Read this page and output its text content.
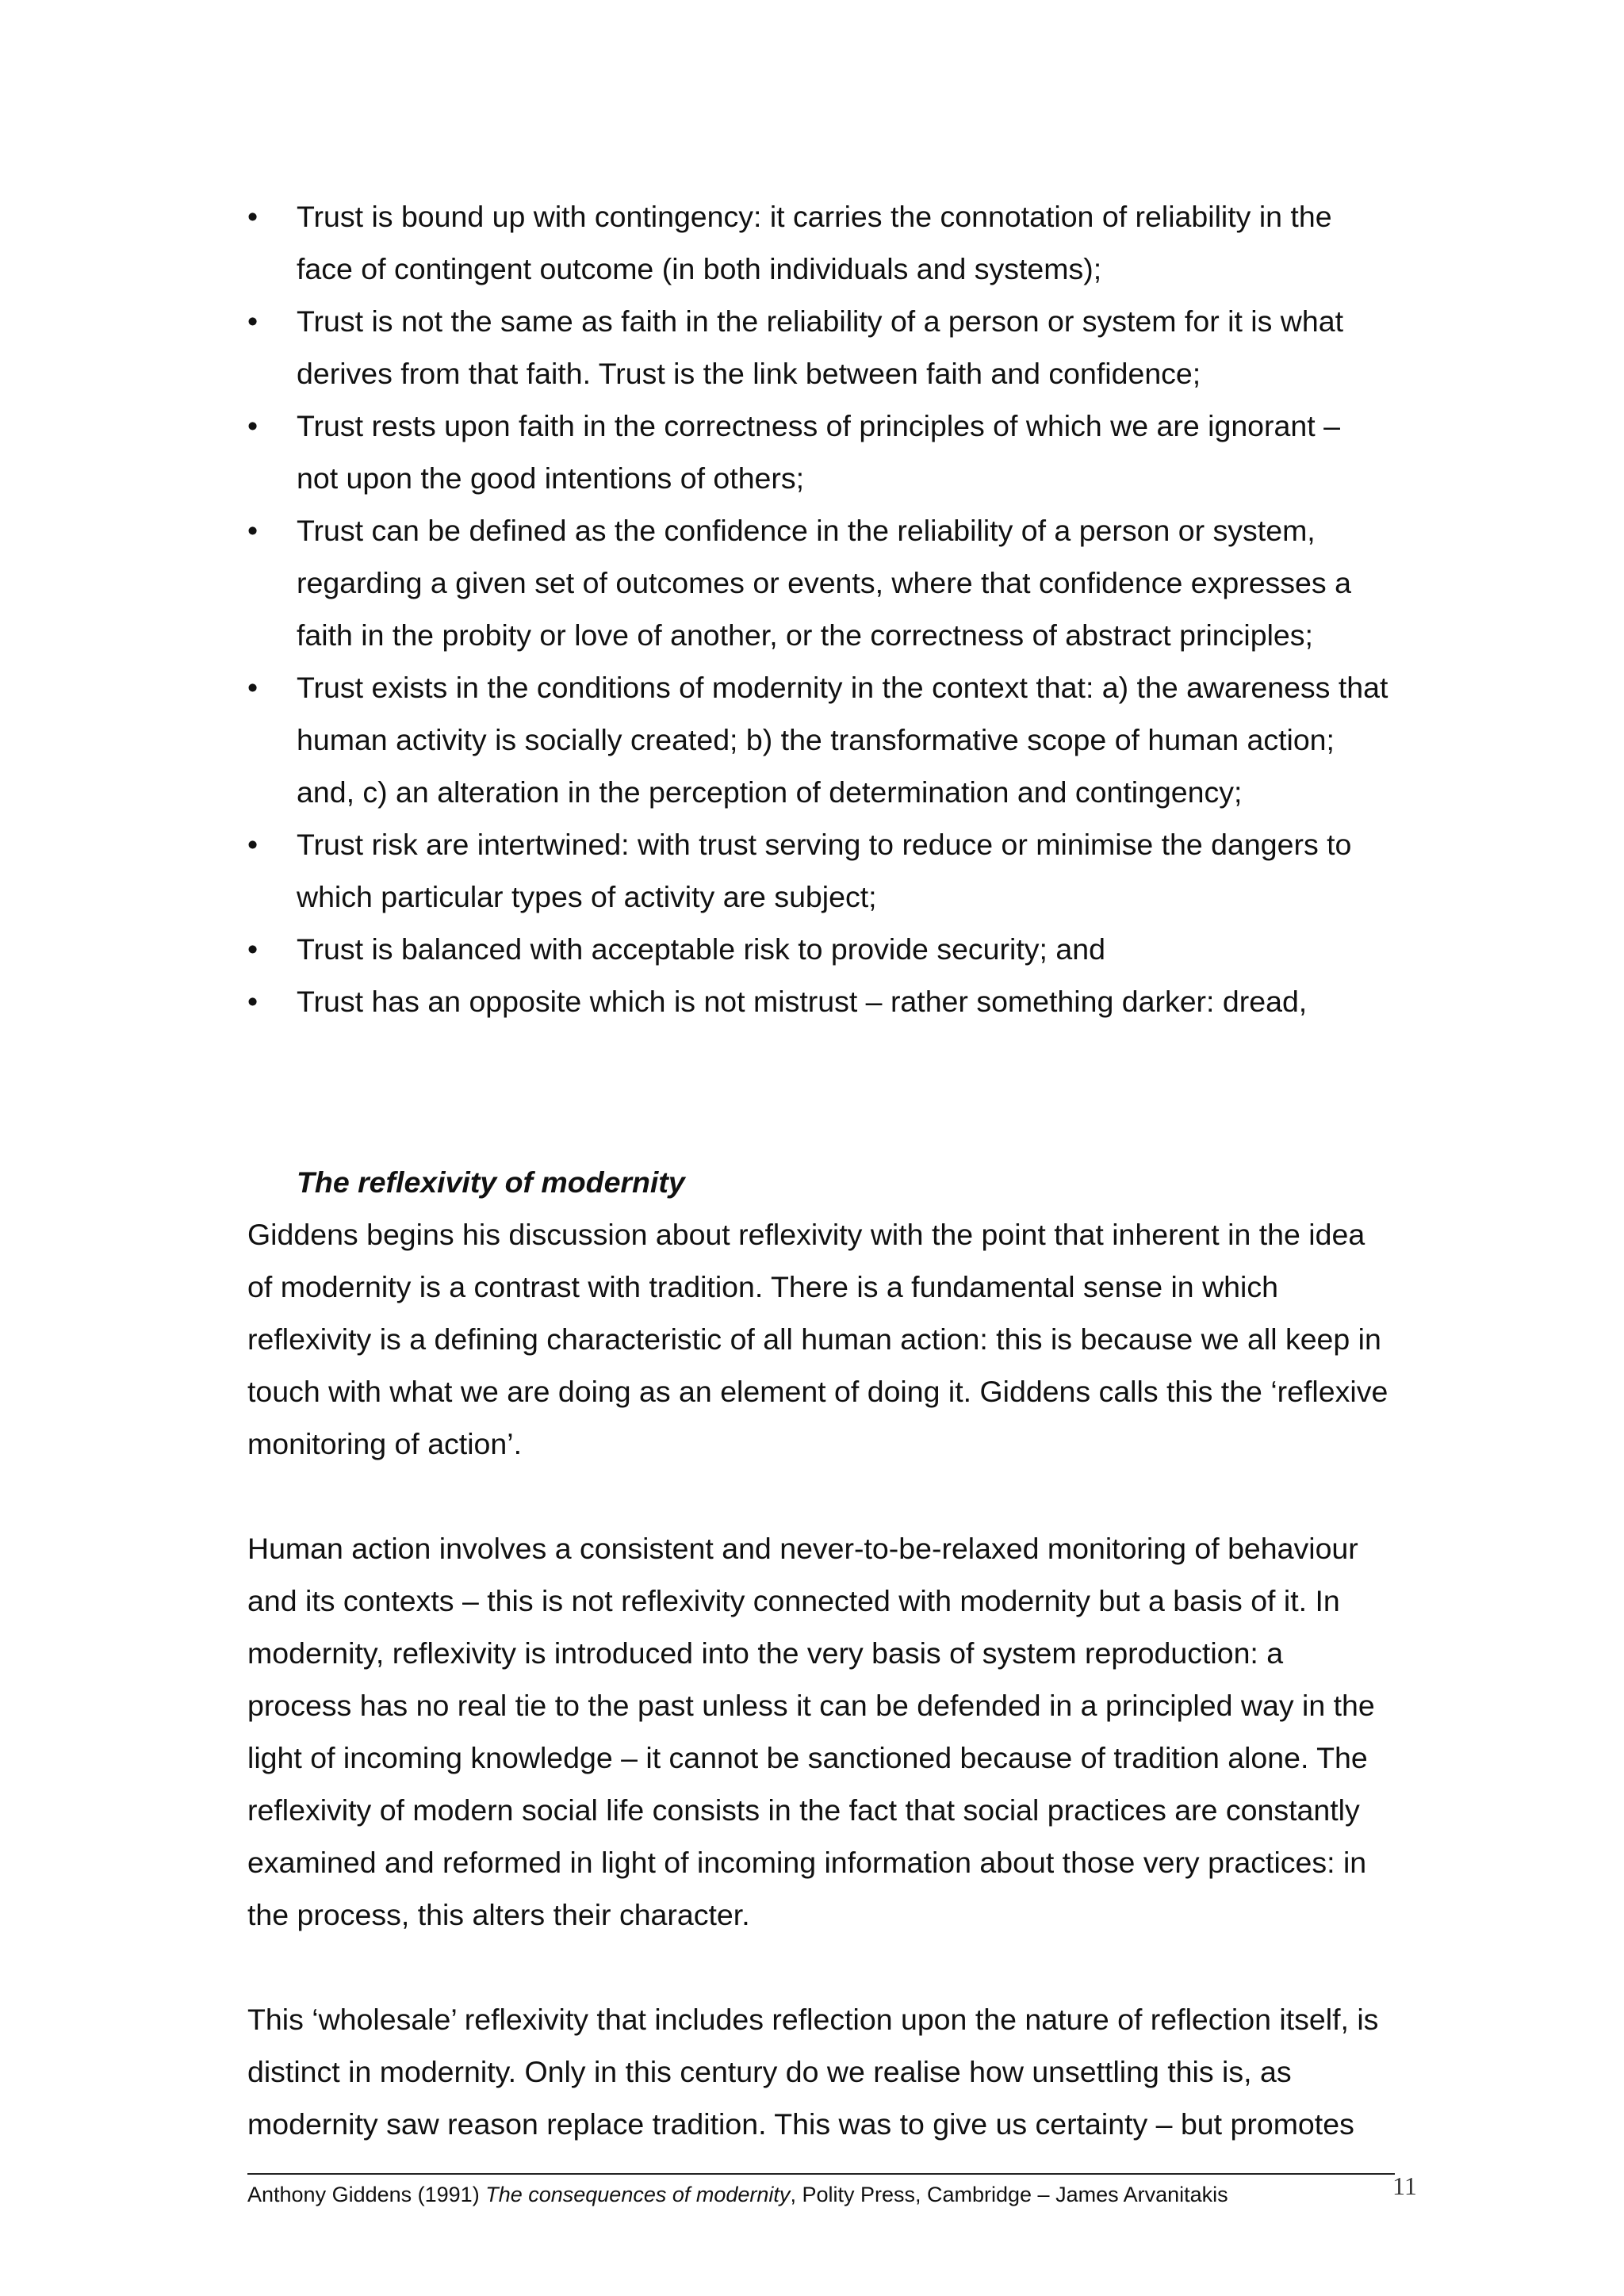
• Trust is bound up with contingency: it carries the connotation of reliability in the face of contingent outcome (in both individuals and systems);
• Trust is not the same as faith in the reliability of a person or system for it is what derives from that faith. Trust is the link between faith and confidence;
• Trust rests upon faith in the correctness of principles of which we are ignorant – not upon the good intentions of others;
• Trust can be defined as the confidence in the reliability of a person or system, regarding a given set of outcomes or events, where that confidence expresses a faith in the probity or love of another, or the correctness of abstract principles;
• Trust exists in the conditions of modernity in the context that: a) the awareness that human activity is socially created; b) the transformative scope of human action; and, c) an alteration in the perception of determination and contingency;
• Trust risk are intertwined: with trust serving to reduce or minimise the dangers to which particular types of activity are subject;
• Trust is balanced with acceptable risk to provide security; and
• Trust has an opposite which is not mistrust – rather something darker: dread,
The reflexivity of modernity

Giddens begins his discussion about reflexivity with the point that inherent in the idea of modernity is a contrast with tradition. There is a fundamental sense in which reflexivity is a defining characteristic of all human action: this is because we all keep in touch with what we are doing as an element of doing it. Giddens calls this the ‘reflexive monitoring of action’.

Human action involves a consistent and never-to-be-relaxed monitoring of behaviour and its contexts – this is not reflexivity connected with modernity but a basis of it. In modernity, reflexivity is introduced into the very basis of system reproduction: a process has no real tie to the past unless it can be defended in a principled way in the light of incoming knowledge – it cannot be sanctioned because of tradition alone. The reflexivity of modern social life consists in the fact that social practices are constantly examined and reformed in light of incoming information about those very practices: in the process, this alters their character.

This ‘wholesale’ reflexivity that includes reflection upon the nature of reflection itself, is distinct in modernity. Only in this century do we realise how unsettling this is, as modernity saw reason replace tradition. This was to give us certainty – but promotes

Anthony Giddens (1991) The consequences of modernity, Polity Press, Cambridge – James Arvanitakis	11
